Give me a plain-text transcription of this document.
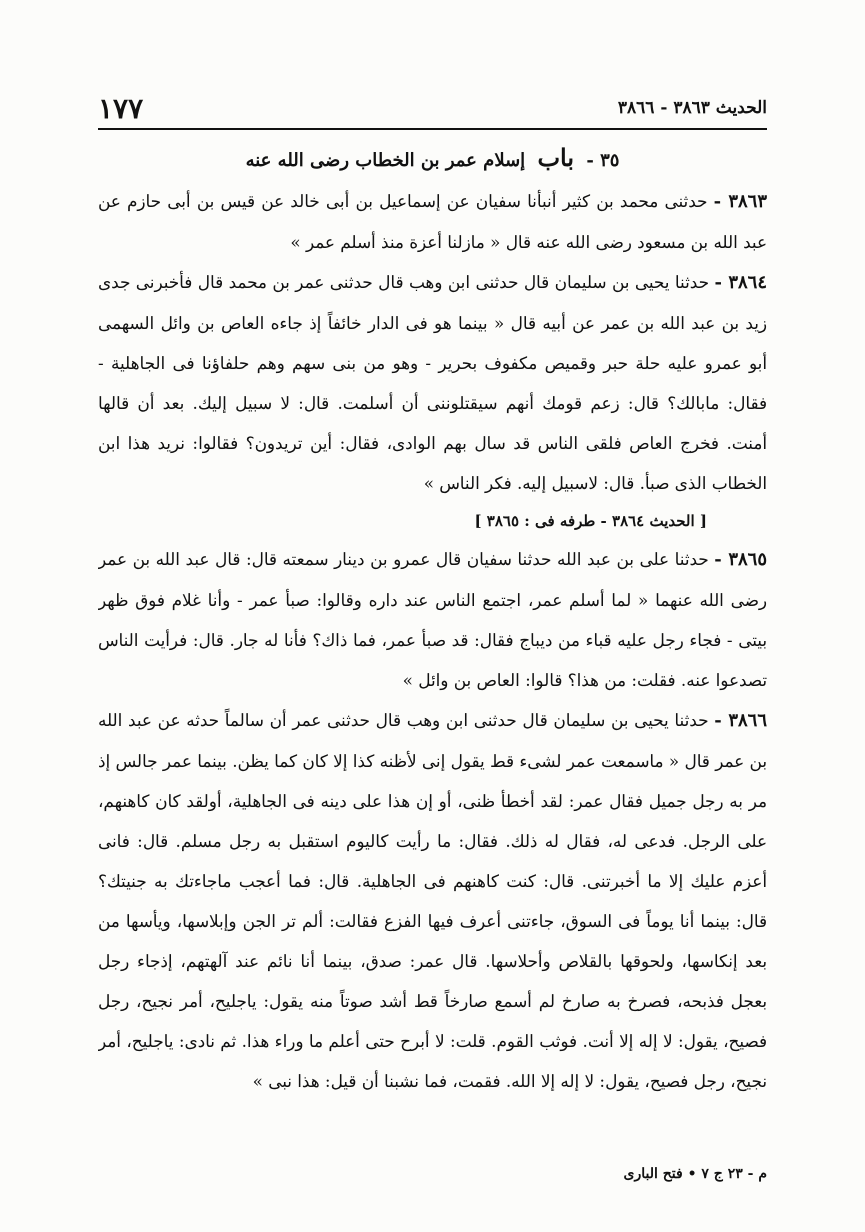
الحديث ٣٨٦٣ - ٣٨٦٦
١٧٧
٣٥ - باب إسلام عمر بن الخطاب رضى الله عنه

٣٨٦٣ - حدثنى محمد بن كثير أنبأنا سفيان عن إسماعيل بن أبى خالد عن قيس بن أبى حازم عن عبد الله بن مسعود رضى الله عنه قال « مازلنا أعزة منذ أسلم عمر »

٣٨٦٤ - حدثنا يحيى بن سليمان قال حدثنى ابن وهب قال حدثنى عمر بن محمد قال فأخبرنى جدى زيد بن عبد الله بن عمر عن أبيه قال « بينما هو فى الدار خائفاً إذ جاءه العاص بن وائل السهمى أبو عمرو عليه حلة حبر وقميص مكفوف بحرير - وهو من بنى سهم وهم حلفاؤنا فى الجاهلية - فقال: مابالك؟ قال: زعم قومك أنهم سيقتلوننى أن أسلمت. قال: لا سبيل إليك. بعد أن قالها أمنت. فخرج العاص فلقى الناس قد سال بهم الوادى، فقال: أين تريدون؟ فقالوا: نريد هذا ابن الخطاب الذى صبأ. قال: لاسبيل إليه. فكر الناس »

[ الحديث ٣٨٦٤ - طرفه فى : ٣٨٦٥ ]

٣٨٦٥ - حدثنا على بن عبد الله حدثنا سفيان قال عمرو بن دينار سمعته قال: قال عبد الله بن عمر رضى الله عنهما « لما أسلم عمر، اجتمع الناس عند داره وقالوا: صبأ عمر - وأنا غلام فوق ظهر بيتى - فجاء رجل عليه قباء من ديباج فقال: قد صبأ عمر، فما ذاك؟ فأنا له جار. قال: فرأيت الناس تصدعوا عنه. فقلت: من هذا؟ قالوا: العاص بن وائل »

٣٨٦٦ - حدثنا يحيى بن سليمان قال حدثنى ابن وهب قال حدثنى عمر أن سالماً حدثه عن عبد الله بن عمر قال « ماسمعت عمر لشىء قط يقول إنى لأظنه كذا إلا كان كما يظن. بينما عمر جالس إذ مر به رجل جميل فقال عمر: لقد أخطأ ظنى، أو إن هذا على دينه فى الجاهلية، أولقد كان كاهنهم، على الرجل. فدعى له، فقال له ذلك. فقال: ما رأيت كاليوم استقبل به رجل مسلم. قال: فانى أعزم عليك إلا ما أخبرتنى. قال: كنت كاهنهم فى الجاهلية. قال: فما أعجب ماجاءتك به جنيتك؟ قال: بينما أنا يوماً فى السوق، جاءتنى أعرف فيها الفزع فقالت: ألم تر الجن وإبلاسها، ويأسها من بعد إنكاسها، ولحوقها بالقلاص وأحلاسها. قال عمر: صدق، بينما أنا نائم عند آلهتهم، إذجاء رجل بعجل فذبحه، فصرخ به صارخ لم أسمع صارخاً قط أشد صوتاً منه يقول: ياجليح، أمر نجيح، رجل فصيح، يقول: لا إله إلا أنت. فوثب القوم. قلت: لا أبرح حتى أعلم ما وراء هذا. ثم نادى: ياجليح، أمر نجيح، رجل فصيح، يقول: لا إله إلا الله. فقمت، فما نشبنا أن قيل: هذا نبى »

م - ٢٣ ج ٧ • فتح البارى
